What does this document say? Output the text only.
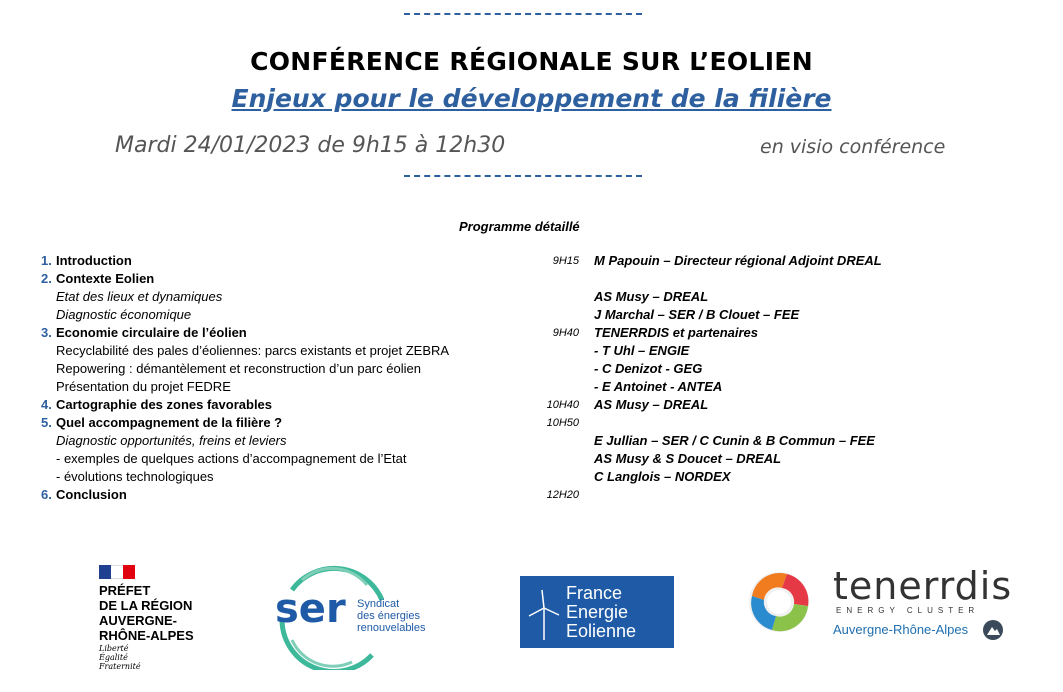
CONFÉRENCE RÉGIONALE SUR L’EOLIEN
Enjeux pour le développement de la filière
Mardi 24/01/2023 de 9h15 à 12h30	en visio conférence
Programme détaillé
1. Introduction	9H15 M Papouin – Directeur régional Adjoint DREAL
2. Contexte Eolien
Etat des lieux et dynamiques	AS Musy – DREAL
Diagnostic économique	J Marchal – SER / B Clouet – FEE
3. Economie circulaire de l’éolien	9H40 TENERRDIS et partenaires
Recyclabilité des pales d’éoliennes: parcs existants et projet ZEBRA	- T Uhl – ENGIE
Repowering : démantèlement et reconstruction d’un parc éolien	- C Denizot - GEG
Présentation du projet FEDRE	- E Antoinet - ANTEA
4. Cartographie des zones favorables	10H40 AS Musy – DREAL
5. Quel accompagnement de la filière ?	10H50
Diagnostic opportunités, freins et leviers	E Jullian – SER / C Cunin & B Commun – FEE
- exemples de quelques actions d’accompagnement de l’Etat	AS Musy & S Doucet – DREAL
- évolutions technologiques	C Langlois – NORDEX
6. Conclusion	12H20
PRÉFET
DE LA RÉGION
AUVERGNE-
RHÔNE-ALPES
Liberté
Égalité
Fraternité
ser Syndicat
des énergies
renouvelables
France
Energie
Eolienne
tenerrdis
ENERGY CLUSTER
Auvergne-Rhône-Alpes
